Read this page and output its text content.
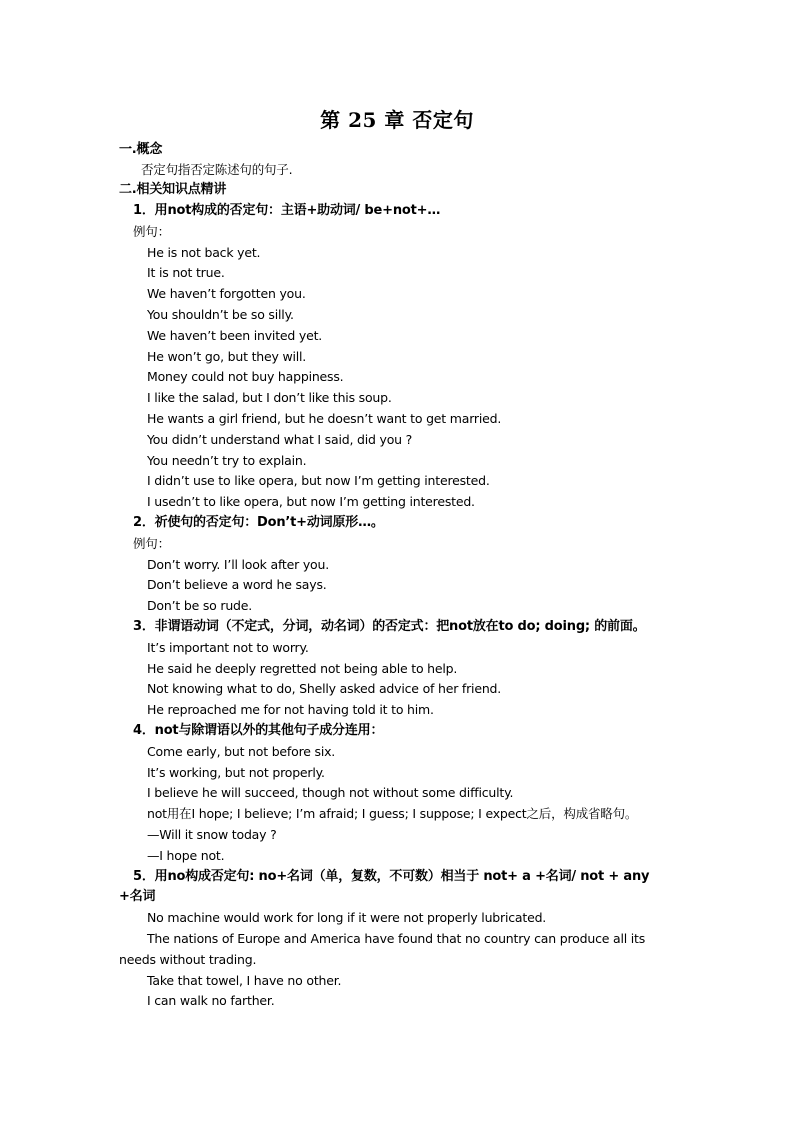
第 25 章 否定句
一.概念
否定句指否定陈述句的句子.
二.相关知识点精讲
1．用not构成的否定句：主语+助动词/ be+not+…
例句：
He is not back yet.
It is not true.
We haven’t forgotten you.
You shouldn’t be so silly.
We haven’t been invited yet.
He won’t go, but they will.
Money could not buy happiness.
I like the salad, but I don’t like this soup.
He wants a girl friend, but he doesn’t want to get married.
You didn’t understand what I said, did you ?
You needn’t try to explain.
I didn’t use to like opera, but now I’m getting interested.
I usedn’t to like opera, but now I’m getting interested.
2．祈使句的否定句：Don’t+动词原形…。
例句：
Don’t worry. I’ll look after you.
Don’t believe a word he says.
Don’t be so rude.
3．非谓语动词（不定式，分词，动名词）的否定式：把not放在to do; doing; 的前面。
It’s important not to worry.
He said he deeply regretted not being able to help.
Not knowing what to do, Shelly asked advice of her friend.
He reproached me for not having told it to him.
4．not与除谓语以外的其他句子成分连用：
Come early, but not before six.
It’s working, but not properly.
I believe he will succeed, though not without some difficulty.
not用在I hope; I believe; I’m afraid; I guess; I suppose; I expect之后，构成省略句。
—Will it snow today ?
—I hope not.
5．用no构成否定句: no+名词（单，复数，不可数）相当于 not+ a +名词/ not + any
+名词
No machine would work for long if it were not properly lubricated.
The nations of Europe and America have found that no country can produce all its
needs without trading.
Take that towel, I have no other.
I can walk no farther.
